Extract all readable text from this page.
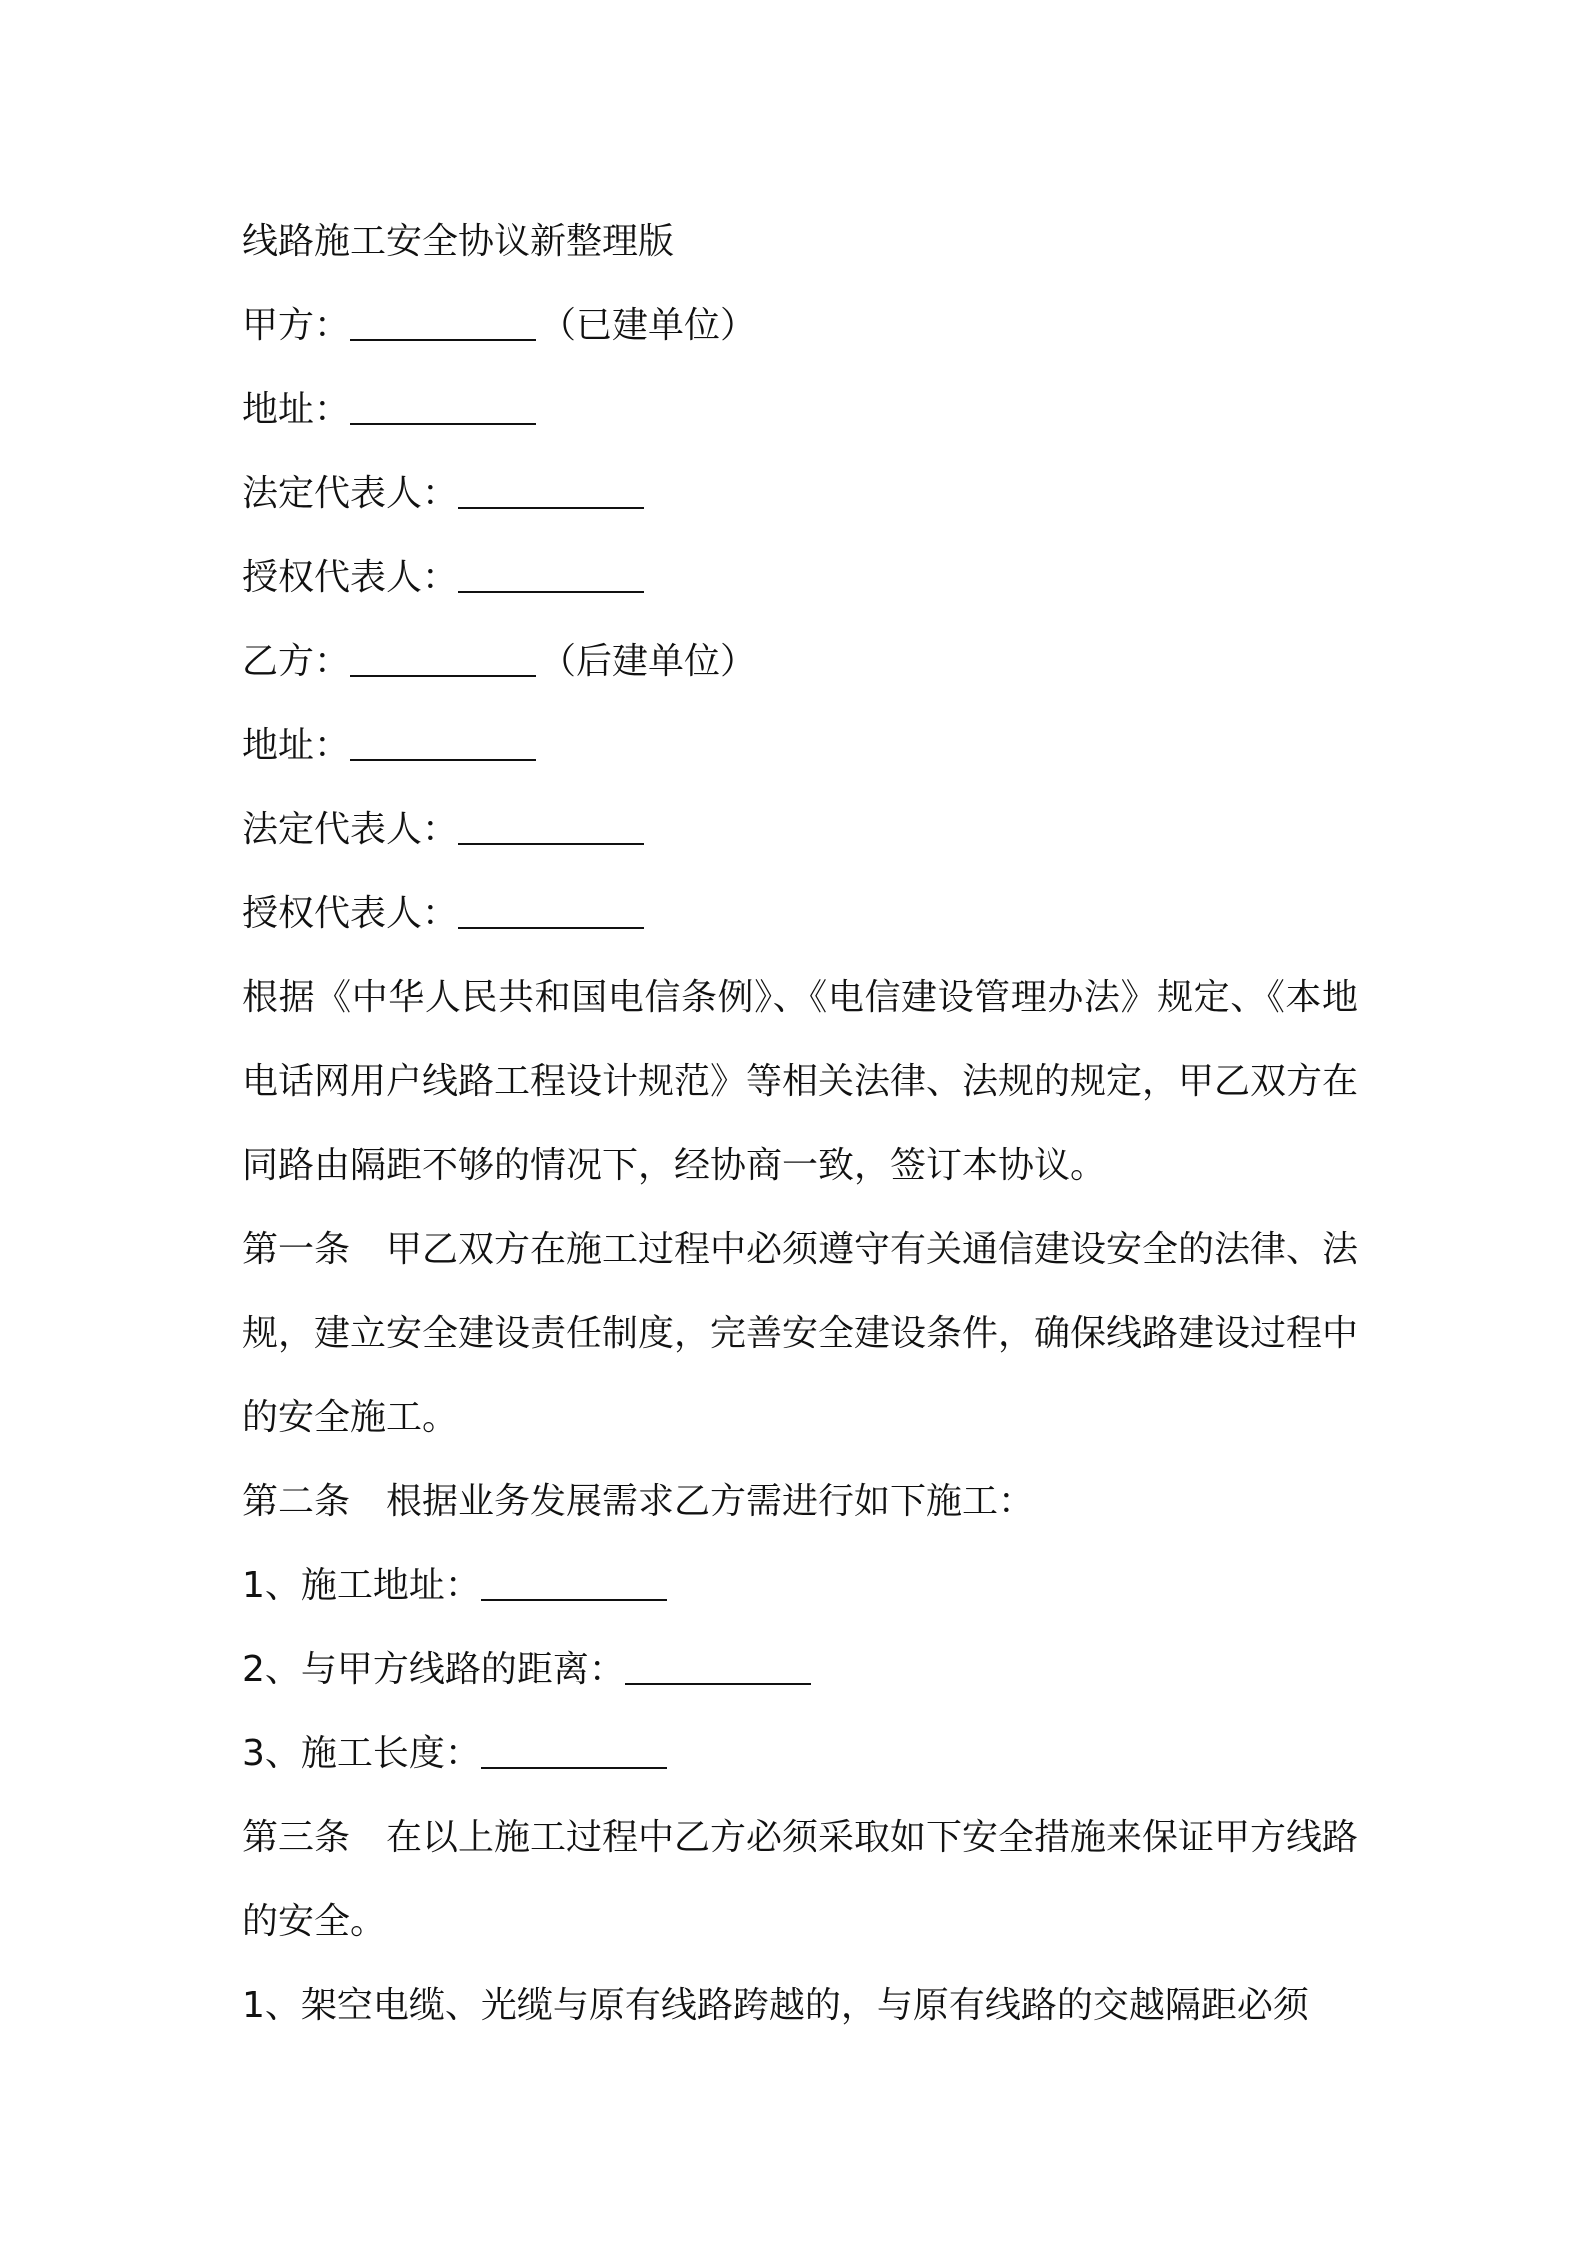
线路施工安全协议新整理版
甲方：	（已建单位）
地址：
法定代表人：
授权代表人：
乙方：	（后建单位）
地址：
法定代表人：
授权代表人：
根据《中华人民共和国电信条例》、《电信建设管理办法》规定、《本地电话网用户线路工程设计规范》等相关法律、法规的规定，甲乙双方在同路由隔距不够的情况下，经协商一致，签订本协议。
第一条　甲乙双方在施工过程中必须遵守有关通信建设安全的法律、法规，建立安全建设责任制度，完善安全建设条件，确保线路建设过程中的安全施工。
第二条　根据业务发展需求乙方需进行如下施工：
1、施工地址：
2、与甲方线路的距离：
3、施工长度：
第三条　在以上施工过程中乙方必须采取如下安全措施来保证甲方线路的安全。
1、架空电缆、光缆与原有线路跨越的，与原有线路的交越隔距必须
